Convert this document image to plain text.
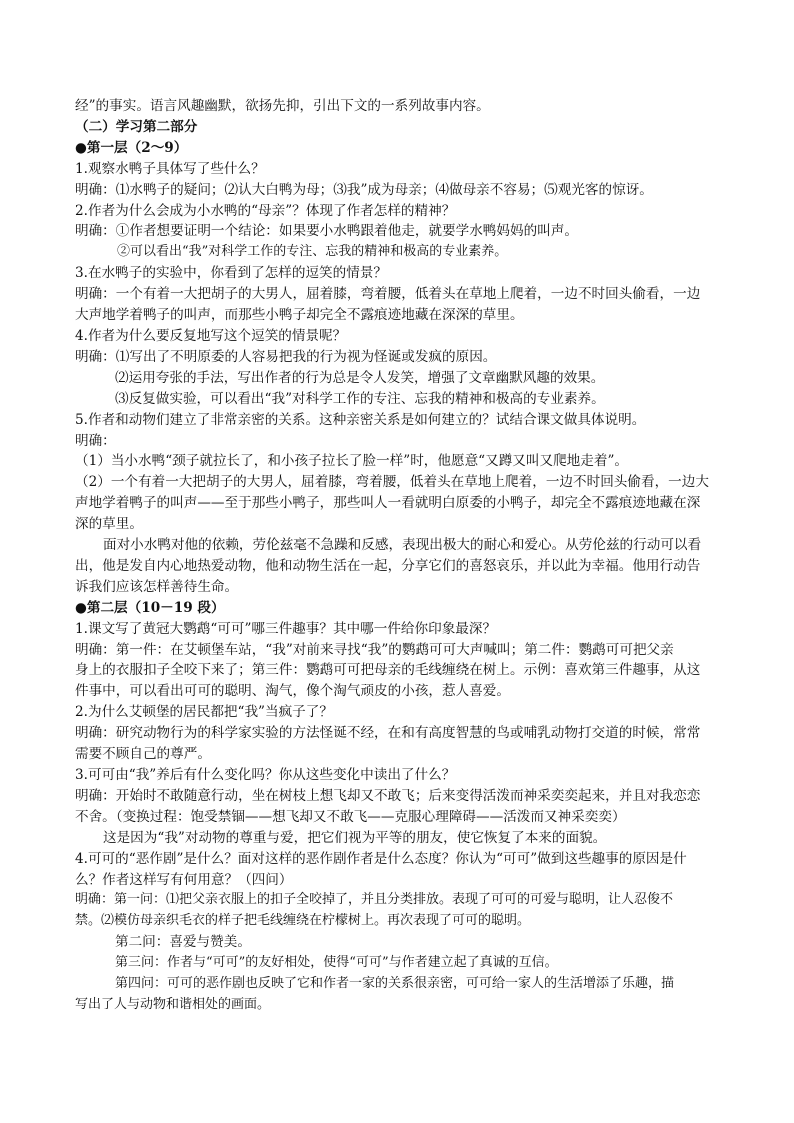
经”的事实。语言风趣幽默，欲扬先抑，引出下文的一系列故事内容。

（二）学习第二部分

●第一层（2～9）

1.观察水鸭子具体写了些什么？

明确：⑴水鸭子的疑问；⑵认大白鸭为母；⑶我”成为母亲；⑷做母亲不容易；⑸观光客的惊讶。

2.作者为什么会成为小水鸭的“母亲”？体现了作者怎样的精神？

明确：①作者想要证明一个结论：如果要小水鸭跟着他走，就要学水鸭妈妈的叫声。

②可以看出“我”对科学工作的专注、忘我的精神和极高的专业素养。

3.在水鸭子的实验中，你看到了怎样的逗笑的情景？

明确：一个有着一大把胡子的大男人，屈着膝，弯着腰，低着头在草地上爬着，一边不时回头偷看，一边

大声地学着鸭子的叫声，而那些小鸭子却完全不露痕迹地藏在深深的草里。

4.作者为什么要反复地写这个逗笑的情景呢？

明确：⑴写出了不明原委的人容易把我的行为视为怪诞或发疯的原因。

⑵运用夸张的手法，写出作者的行为总是令人发笑，增强了文章幽默风趣的效果。

⑶反复做实验，可以看出“我”对科学工作的专注、忘我的精神和极高的专业素养。

5.作者和动物们建立了非常亲密的关系。这种亲密关系是如何建立的？试结合课文做具体说明。

明确：

（1）当小水鸭“颈子就拉长了，和小孩子拉长了脸一样”时，他愿意“又蹲又叫又爬地走着”。

（2）一个有着一大把胡子的大男人，屈着膝，弯着腰，低着头在草地上爬着，一边不时回头偷看，一边大

声地学着鸭子的叫声——至于那些小鸭子，那些叫人一看就明白原委的小鸭子，却完全不露痕迹地藏在深

深的草里。

面对小水鸭对他的依赖，劳伦兹毫不急躁和反感，表现出极大的耐心和爱心。从劳伦兹的行动可以看

出，他是发自内心地热爱动物，他和动物生活在一起，分享它们的喜怒哀乐，并以此为幸福。他用行动告

诉我们应该怎样善待生命。

●第二层（10－19 段）

1.课文写了黄冠大鹦鹉“可可”哪三件趣事？其中哪一件给你印象最深？

明确：第一件：在艾顿堡车站，“我”对前来寻找“我”的鹦鹉可可大声喊叫；第二件：鹦鹉可可把父亲

身上的衣服扣子全咬下来了；第三件：鹦鹉可可把母亲的毛线缠绕在树上。示例：喜欢第三件趣事，从这

件事中，可以看出可可的聪明、淘气，像个淘气顽皮的小孩，惹人喜爱。

2.为什么艾顿堡的居民都把“我”当疯子了？

明确：研究动物行为的科学家实验的方法怪诞不经，在和有高度智慧的鸟或哺乳动物打交道的时候，常常

需要不顾自己的尊严。

3.可可由“我”养后有什么变化吗？你从这些变化中读出了什么？

明确：开始时不敢随意行动，坐在树枝上想飞却又不敢飞；后来变得活泼而神采奕奕起来，并且对我恋恋

不舍。（变换过程：饱受禁锢——想飞却又不敢飞——克服心理障碍——活泼而又神采奕奕）

这是因为“我”对动物的尊重与爱，把它们视为平等的朋友，使它恢复了本来的面貌。

4.可可的“恶作剧”是什么？面对这样的恶作剧作者是什么态度？你认为“可可”做到这些趣事的原因是什

么？作者这样写有何用意？（四问）

明确：第一问：⑴把父亲衣服上的扣子全咬掉了，并且分类排放。表现了可可的可爱与聪明，让人忍俊不

禁。⑵模仿母亲织毛衣的样子把毛线缠绕在柠檬树上。再次表现了可可的聪明。

第二问：喜爱与赞美。

第三问：作者与“可可”的友好相处，使得“可可”与作者建立起了真诚的互信。

第四问：可可的恶作剧也反映了它和作者一家的关系很亲密，可可给一家人的生活增添了乐趣，描

写出了人与动物和谐相处的画面。
